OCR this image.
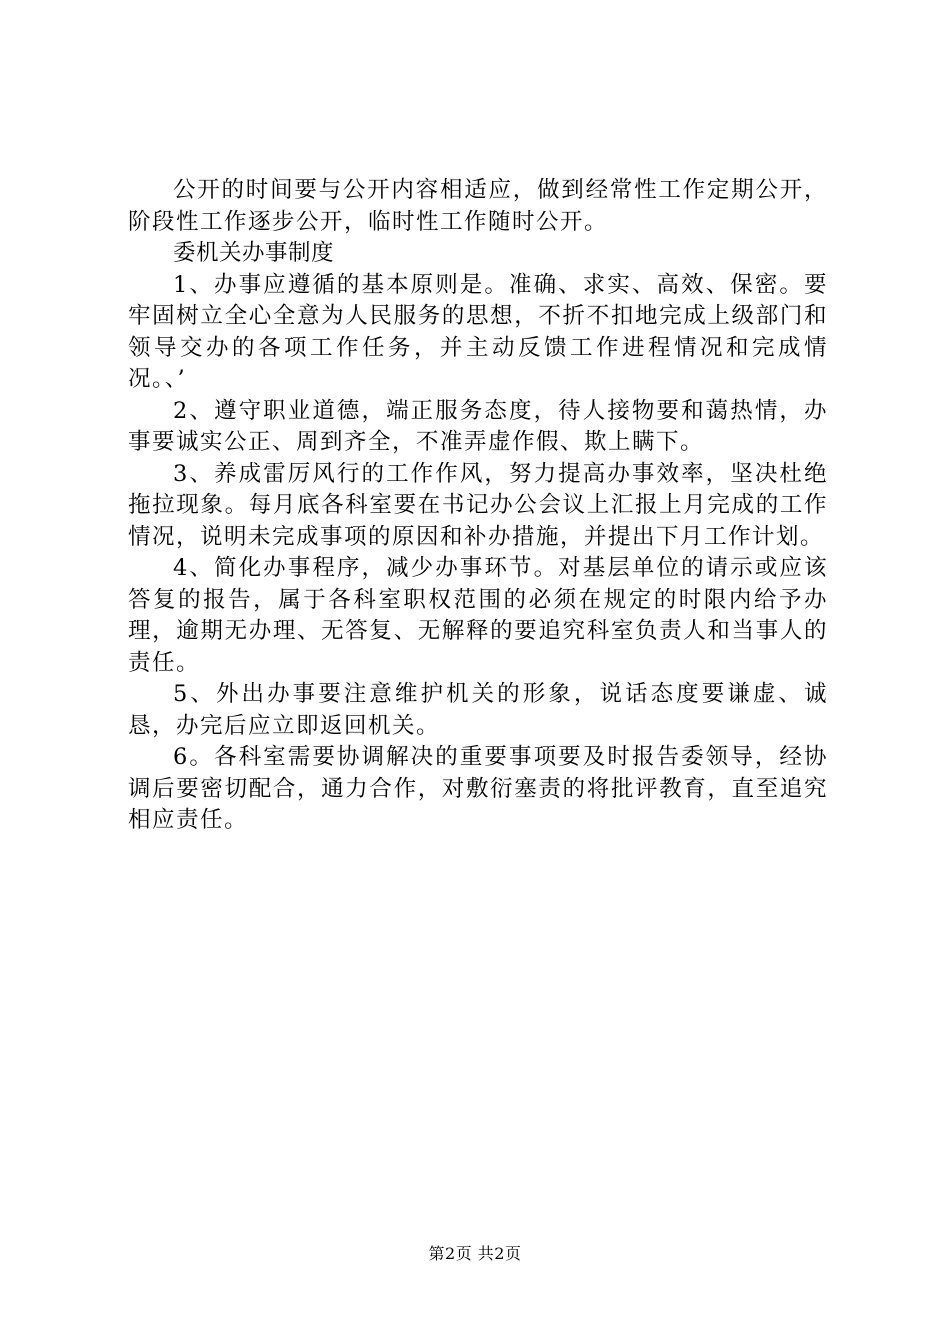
公开的时间要与公开内容相适应，做到经常性工作定期公开，阶段性工作逐步公开，临时性工作随时公开。

委机关办事制度

1、办事应遵循的基本原则是。准确、求实、高效、保密。要牢固树立全心全意为人民服务的思想，不折不扣地完成上级部门和领导交办的各项工作任务，并主动反馈工作进程情况和完成情况。、’

2、遵守职业道德，端正服务态度，待人接物要和蔼热情，办事要诚实公正、周到齐全，不准弄虚作假、欺上瞒下。

3、养成雷厉风行的工作作风，努力提高办事效率，坚决杜绝拖拉现象。每月底各科室要在书记办公会议上汇报上月完成的工作情况，说明未完成事项的原因和补办措施，并提出下月工作计划。

4、简化办事程序，减少办事环节。对基层单位的请示或应该答复的报告，属于各科室职权范围的必须在规定的时限内给予办理，逾期无办理、无答复、无解释的要追究科室负责人和当事人的责任。

5、外出办事要注意维护机关的形象，说话态度要谦虚、诚恳，办完后应立即返回机关。

6。各科室需要协调解决的重要事项要及时报告委领导，经协调后要密切配合，通力合作，对敷衍塞责的将批评教育，直至追究相应责任。

第2页 共2页
